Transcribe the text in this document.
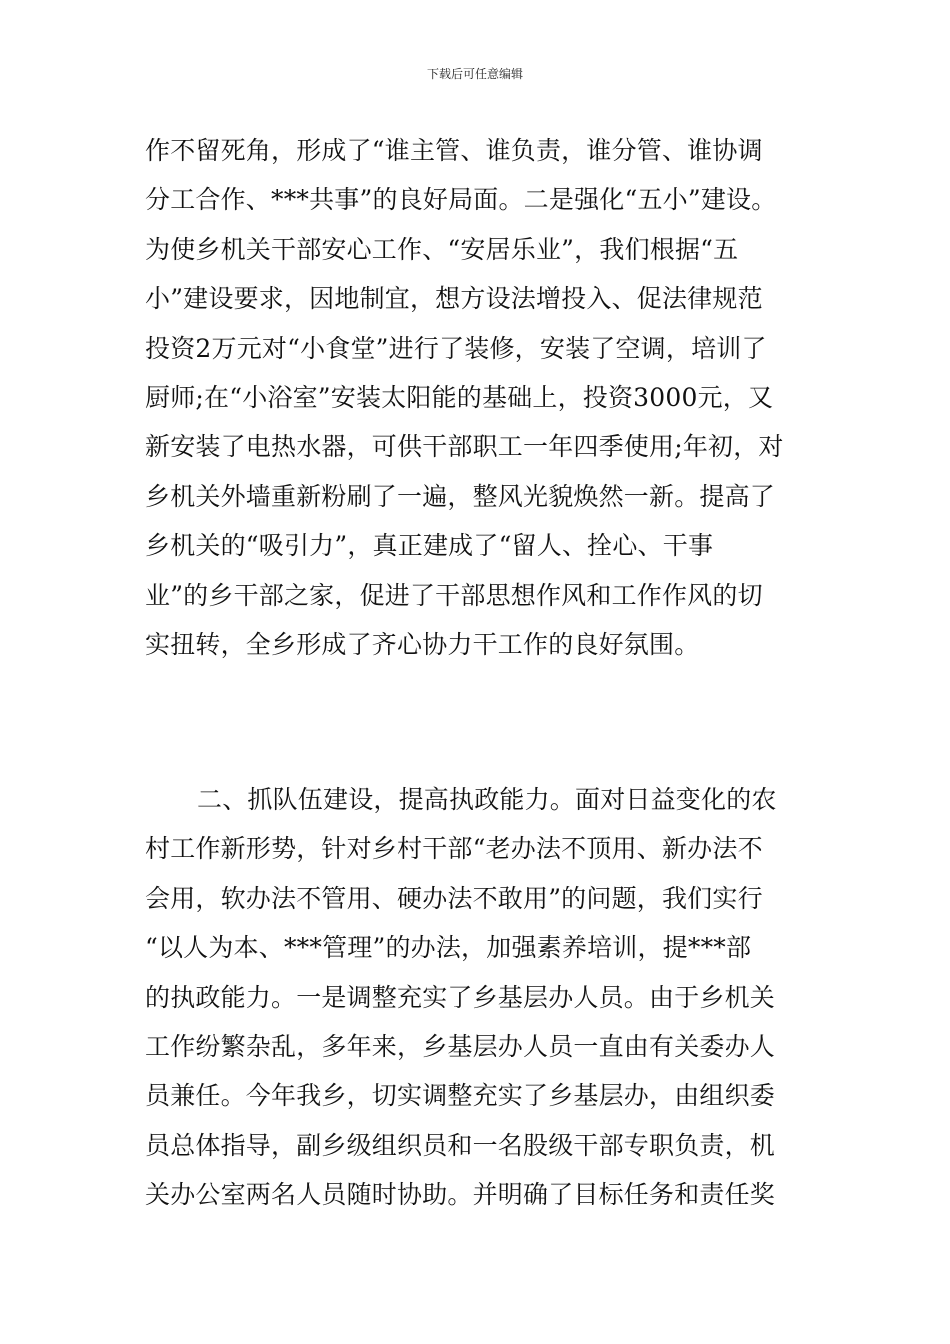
下载后可任意编辑
作不留死角，形成了“谁主管、谁负责，谁分管、谁协调
分工合作、***共事”的良好局面。二是强化“五小”建设。
为使乡机关干部安心工作、“安居乐业”，我们根据“五
小”建设要求，因地制宜，想方设法增投入、促法律规范
投资2万元对“小食堂”进行了装修，安装了空调，培训了
厨师;在“小浴室”安装太阳能的基础上，投资3000元，又
新安装了电热水器，可供干部职工一年四季使用;年初，对
乡机关外墙重新粉刷了一遍，整风光貌焕然一新。提高了
乡机关的“吸引力”，真正建成了“留人、拴心、干事
业”的乡干部之家，促进了干部思想作风和工作作风的切
实扭转，全乡形成了齐心协力干工作的良好氛围。
二、抓队伍建设，提高执政能力。面对日益变化的农
村工作新形势，针对乡村干部“老办法不顶用、新办法不
会用，软办法不管用、硬办法不敢用”的问题，我们实行
“以人为本、***管理”的办法，加强素养培训，提***部
的执政能力。一是调整充实了乡基层办人员。由于乡机关
工作纷繁杂乱，多年来，乡基层办人员一直由有关委办人
员兼任。今年我乡，切实调整充实了乡基层办，由组织委
员总体指导，副乡级组织员和一名股级干部专职负责，机
关办公室两名人员随时协助。并明确了目标任务和责任奖
